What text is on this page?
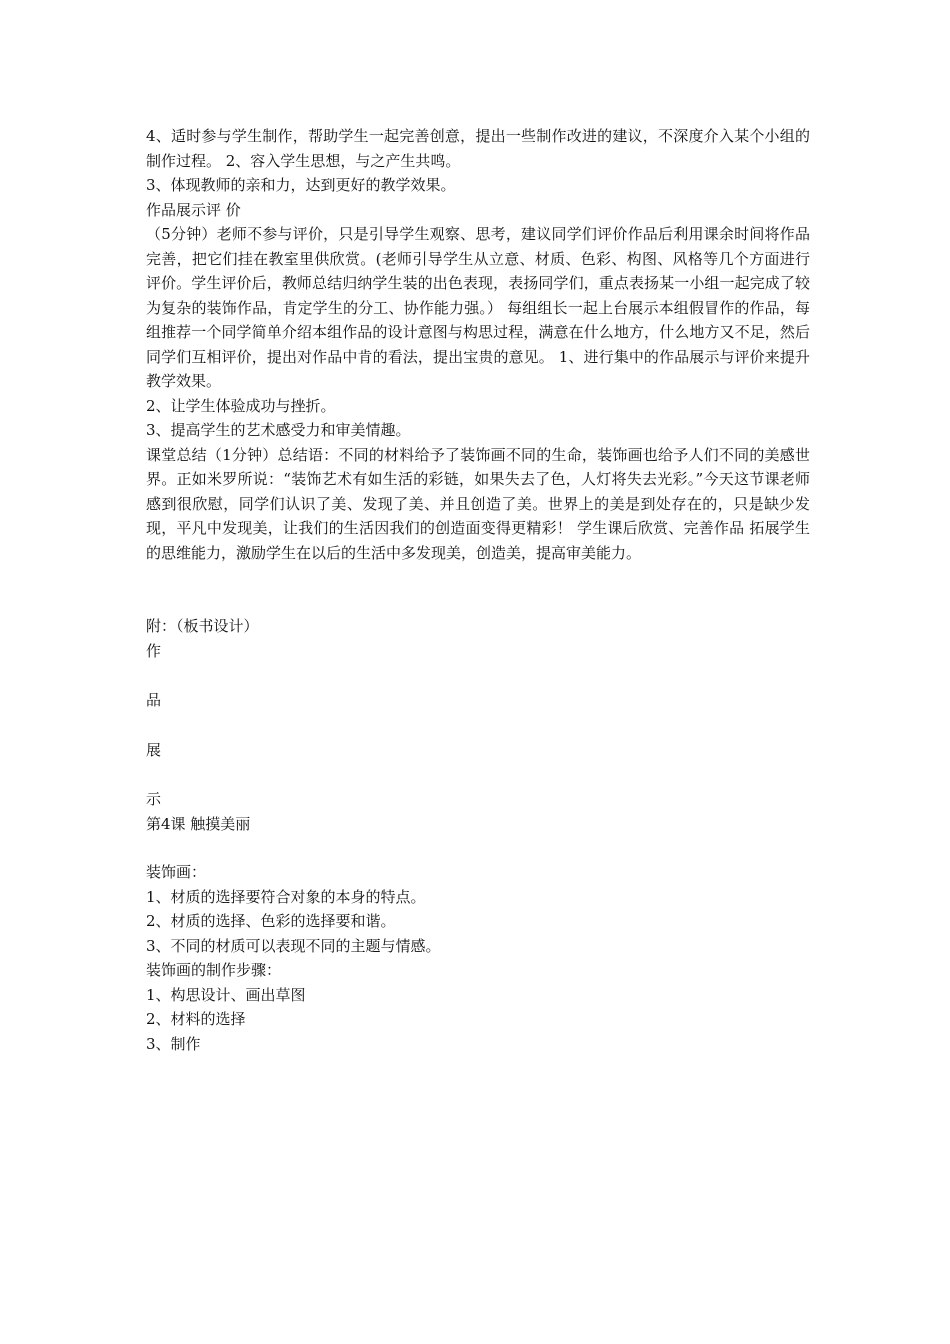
4、适时参与学生制作，帮助学生一起完善创意，提出一些制作改进的建议，不深度介入某个小组的制作过程。 2、容入学生思想，与之产生共鸣。

3、体现教师的亲和力，达到更好的教学效果。

作品展示评 价

（5分钟）老师不参与评价，只是引导学生观察、思考，建议同学们评价作品后利用课余时间将作品完善，把它们挂在教室里供欣赏。(老师引导学生从立意、材质、色彩、构图、风格等几个方面进行评价。学生评价后，教师总结归纳学生装的出色表现，表扬同学们，重点表扬某一小组一起完成了较为复杂的装饰作品，肯定学生的分工、协作能力强。） 每组组长一起上台展示本组假冒作的作品，每组推荐一个同学简单介绍本组作品的设计意图与构思过程，满意在什么地方，什么地方又不足，然后同学们互相评价，提出对作品中肯的看法，提出宝贵的意见。 1、进行集中的作品展示与评价来提升教学效果。

2、让学生体验成功与挫折。

3、提高学生的艺术感受力和审美情趣。

课堂总结（1分钟）总结语：不同的材料给予了装饰画不同的生命，装饰画也给予人们不同的美感世界。正如米罗所说：“装饰艺术有如生活的彩链，如果失去了色，人灯将失去光彩。”今天这节课老师感到很欣慰，同学们认识了美、发现了美、并且创造了美。世界上的美是到处存在的，只是缺少发现，平凡中发现美，让我们的生活因我们的创造面变得更精彩！ 学生课后欣赏、完善作品 拓展学生的思维能力，激励学生在以后的生活中多发现美，创造美，提高审美能力。

附：（板书设计）

作

品

展

示

第4课 触摸美丽

装饰画：

1、材质的选择要符合对象的本身的特点。

2、材质的选择、色彩的选择要和谐。

3、不同的材质可以表现不同的主题与情感。

装饰画的制作步骤：

1、构思设计、画出草图

2、材料的选择

3、制作
